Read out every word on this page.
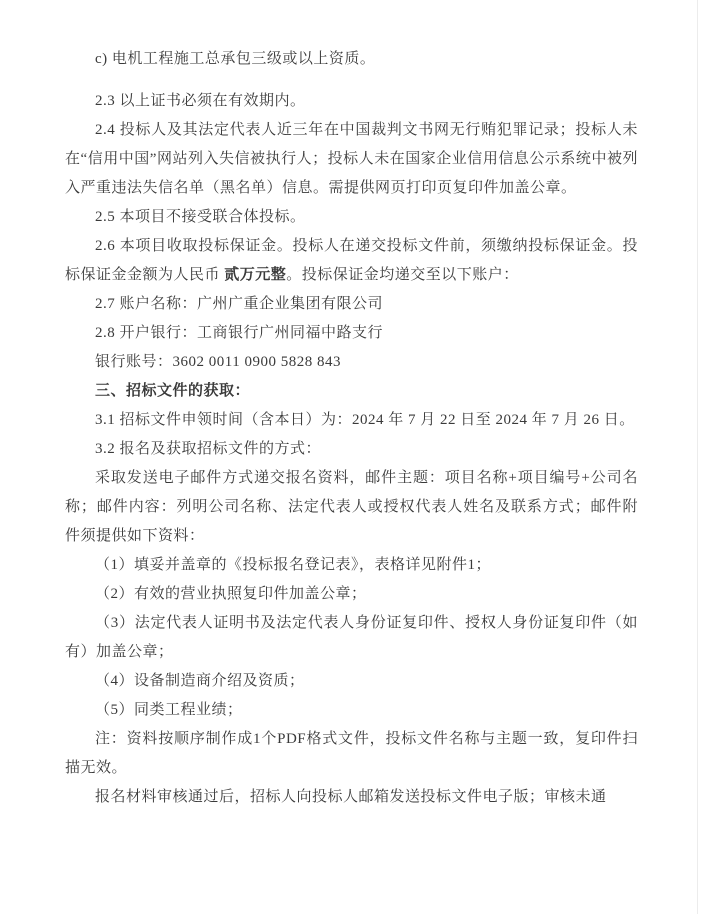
c) 电机工程施工总承包三级或以上资质。

2.3 以上证书必须在有效期内。

2.4 投标人及其法定代表人近三年在中国裁判文书网无行贿犯罪记录；投标人未在“信用中国”网站列入失信被执行人；投标人未在国家企业信用信息公示系统中被列入严重违法失信名单（黑名单）信息。需提供网页打印页复印件加盖公章。

2.5 本项目不接受联合体投标。

2.6 本项目收取投标保证金。投标人在递交投标文件前，须缴纳投标保证金。投标保证金金额为人民币 贰万元整。投标保证金均递交至以下账户：

2.7 账户名称：广州广重企业集团有限公司

2.8 开户银行：工商银行广州同福中路支行

银行账号：3602 0011 0900 5828 843

三、招标文件的获取：

3.1 招标文件申领时间（含本日）为：2024 年 7 月 22 日至 2024 年 7 月 26 日。

3.2 报名及获取招标文件的方式：

采取发送电子邮件方式递交报名资料，邮件主题：项目名称+项目编号+公司名称；邮件内容：列明公司名称、法定代表人或授权代表人姓名及联系方式；邮件附件须提供如下资料：

（1）填妥并盖章的《投标报名登记表》，表格详见附件1；

（2）有效的营业执照复印件加盖公章；

（3）法定代表人证明书及法定代表人身份证复印件、授权人身份证复印件（如有）加盖公章；

（4）设备制造商介绍及资质；

（5）同类工程业绩；

注：资料按顺序制作成1个PDF格式文件，投标文件名称与主题一致，复印件扫描无效。

报名材料审核通过后，招标人向投标人邮箱发送投标文件电子版；审核未通
